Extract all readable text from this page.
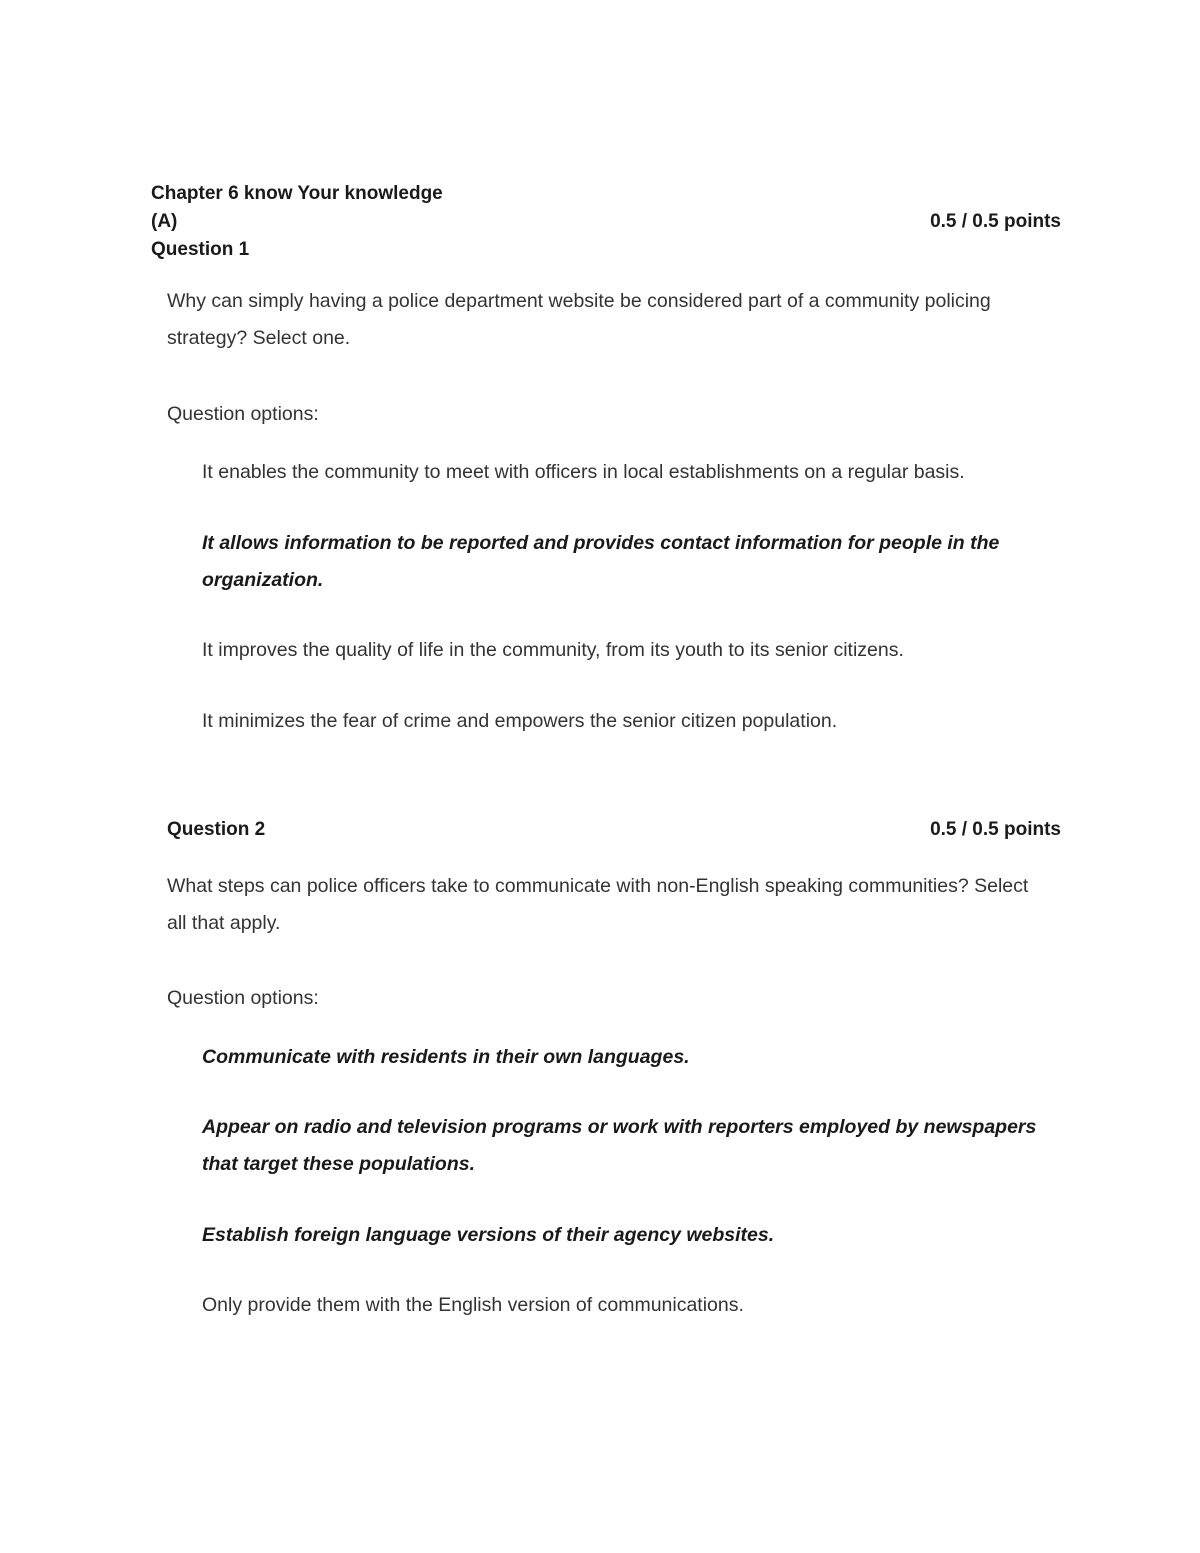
Chapter 6 know Your knowledge
(A)	0.5 / 0.5 points
Question 1
Why can simply having a police department website be considered part of a community policing strategy? Select one.
Question options:
It enables the community to meet with officers in local establishments on a regular basis.
It allows information to be reported and provides contact information for people in the organization.
It improves the quality of life in the community, from its youth to its senior citizens.
It minimizes the fear of crime and empowers the senior citizen population.
Question 2	0.5 / 0.5 points
What steps can police officers take to communicate with non-English speaking communities? Select all that apply.
Question options:
Communicate with residents in their own languages.
Appear on radio and television programs or work with reporters employed by newspapers that target these populations.
Establish foreign language versions of their agency websites.
Only provide them with the English version of communications.
